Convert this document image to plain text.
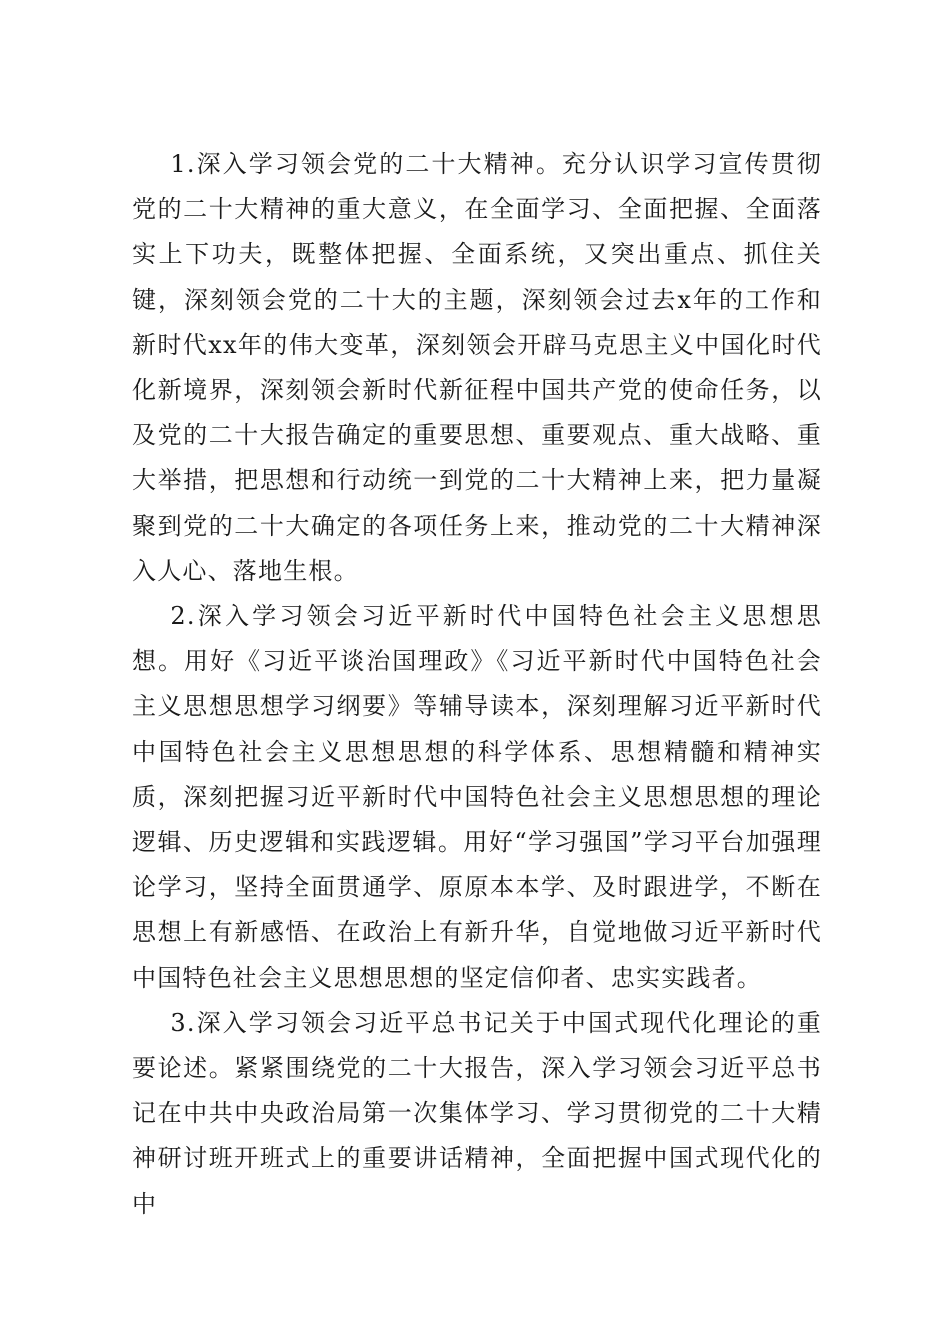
1.深入学习领会党的二十大精神。充分认识学习宣传贯彻党的二十大精神的重大意义，在全面学习、全面把握、全面落实上下功夫，既整体把握、全面系统，又突出重点、抓住关键，深刻领会党的二十大的主题，深刻领会过去x年的工作和新时代xx年的伟大变革，深刻领会开辟马克思主义中国化时代化新境界，深刻领会新时代新征程中国共产党的使命任务，以及党的二十大报告确定的重要思想、重要观点、重大战略、重大举措，把思想和行动统一到党的二十大精神上来，把力量凝聚到党的二十大确定的各项任务上来，推动党的二十大精神深入人心、落地生根。

2.深入学习领会习近平新时代中国特色社会主义思想思想。用好《习近平谈治国理政》《习近平新时代中国特色社会主义思想思想学习纲要》等辅导读本，深刻理解习近平新时代中国特色社会主义思想思想的科学体系、思想精髓和精神实质，深刻把握习近平新时代中国特色社会主义思想思想的理论逻辑、历史逻辑和实践逻辑。用好“学习强国”学习平台加强理论学习，坚持全面贯通学、原原本本学、及时跟进学，不断在思想上有新感悟、在政治上有新升华，自觉地做习近平新时代中国特色社会主义思想思想的坚定信仰者、忠实实践者。

3.深入学习领会习近平总书记关于中国式现代化理论的重要论述。紧紧围绕党的二十大报告，深入学习领会习近平总书记在中共中央政治局第一次集体学习、学习贯彻党的二十大精神研讨班开班式上的重要讲话精神，全面把握中国式现代化的中
